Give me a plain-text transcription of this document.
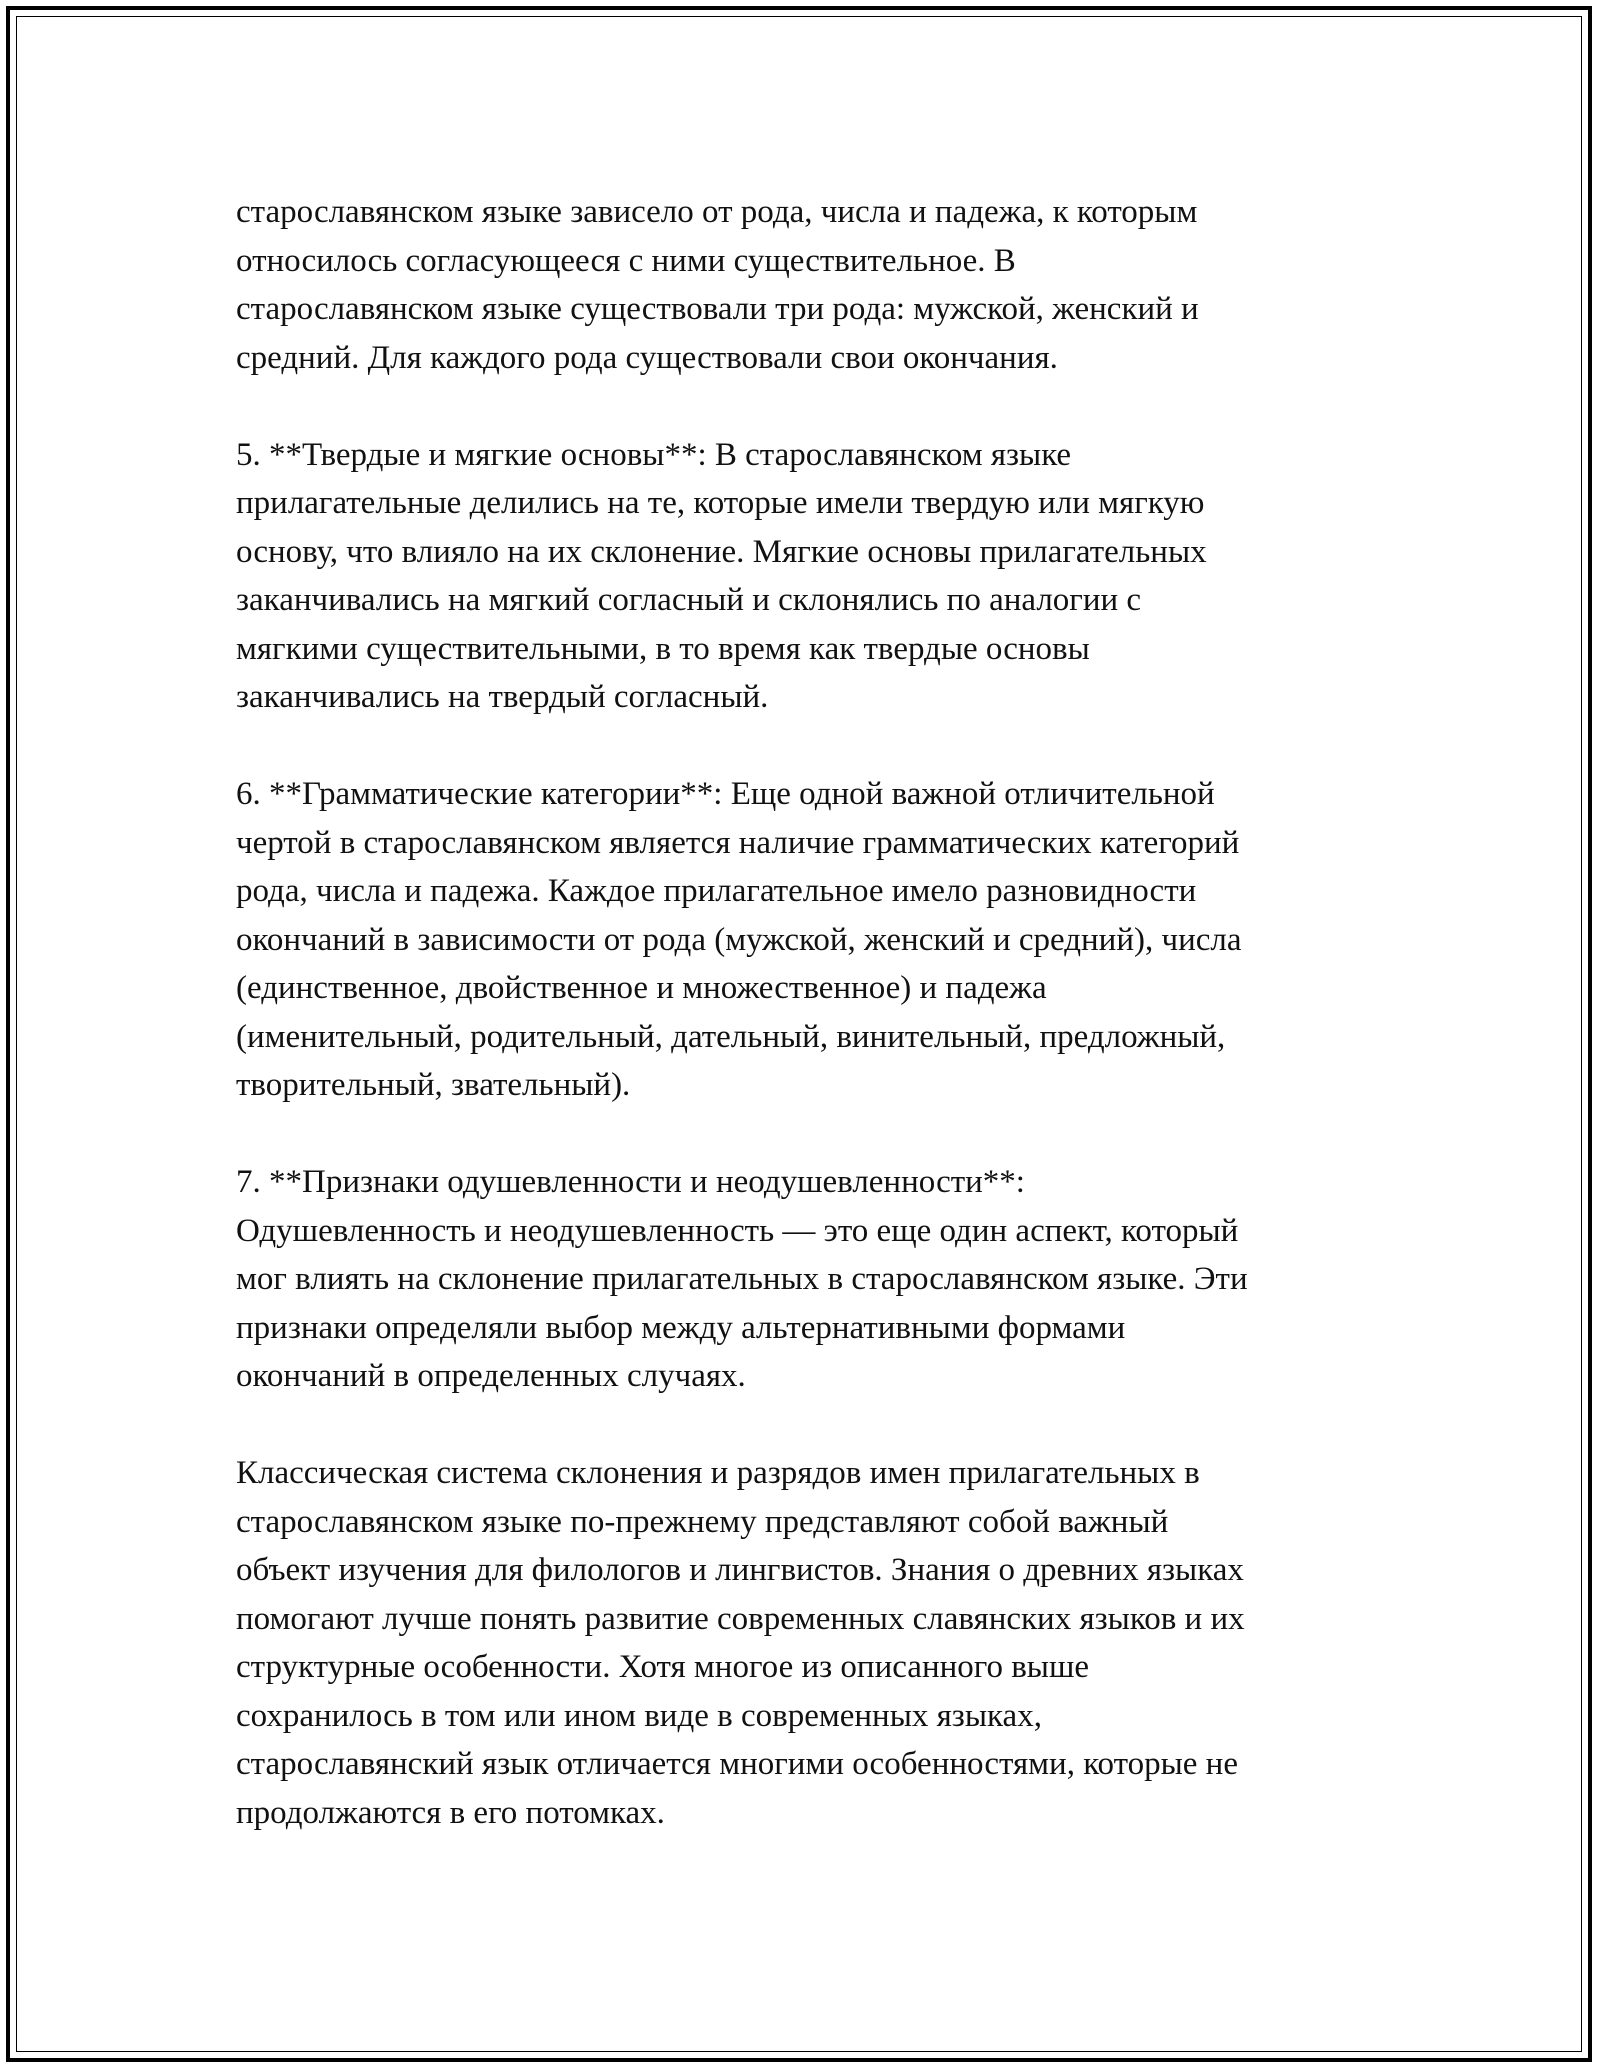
старославянском языке зависело от рода, числа и падежа, к которым
относилось согласующееся с ними существительное. В
старославянском языке существовали три рода: мужской, женский и
средний. Для каждого рода существовали свои окончания.

5. **Твердые и мягкие основы**: В старославянском языке
прилагательные делились на те, которые имели твердую или мягкую
основу, что влияло на их склонение. Мягкие основы прилагательных
заканчивались на мягкий согласный и склонялись по аналогии с
мягкими существительными, в то время как твердые основы
заканчивались на твердый согласный.

6. **Грамматические категории**: Еще одной важной отличительной
чертой в старославянском является наличие грамматических категорий
рода, числа и падежа. Каждое прилагательное имело разновидности
окончаний в зависимости от рода (мужской, женский и средний), числа
(единственное, двойственное и множественное) и падежа
(именительный, родительный, дательный, винительный, предложный,
творительный, звательный).

7. **Признаки одушевленности и неодушевленности**:
Одушевленность и неодушевленность — это еще один аспект, который
мог влиять на склонение прилагательных в старославянском языке. Эти
признаки определяли выбор между альтернативными формами
окончаний в определенных случаях.

Классическая система склонения и разрядов имен прилагательных в
старославянском языке по-прежнему представляют собой важный
объект изучения для филологов и лингвистов. Знания о древних языках
помогают лучше понять развитие современных славянских языков и их
структурные особенности. Хотя многое из описанного выше
сохранилось в том или ином виде в современных языках,
старославянский язык отличается многими особенностями, которые не
продолжаются в его потомках.
